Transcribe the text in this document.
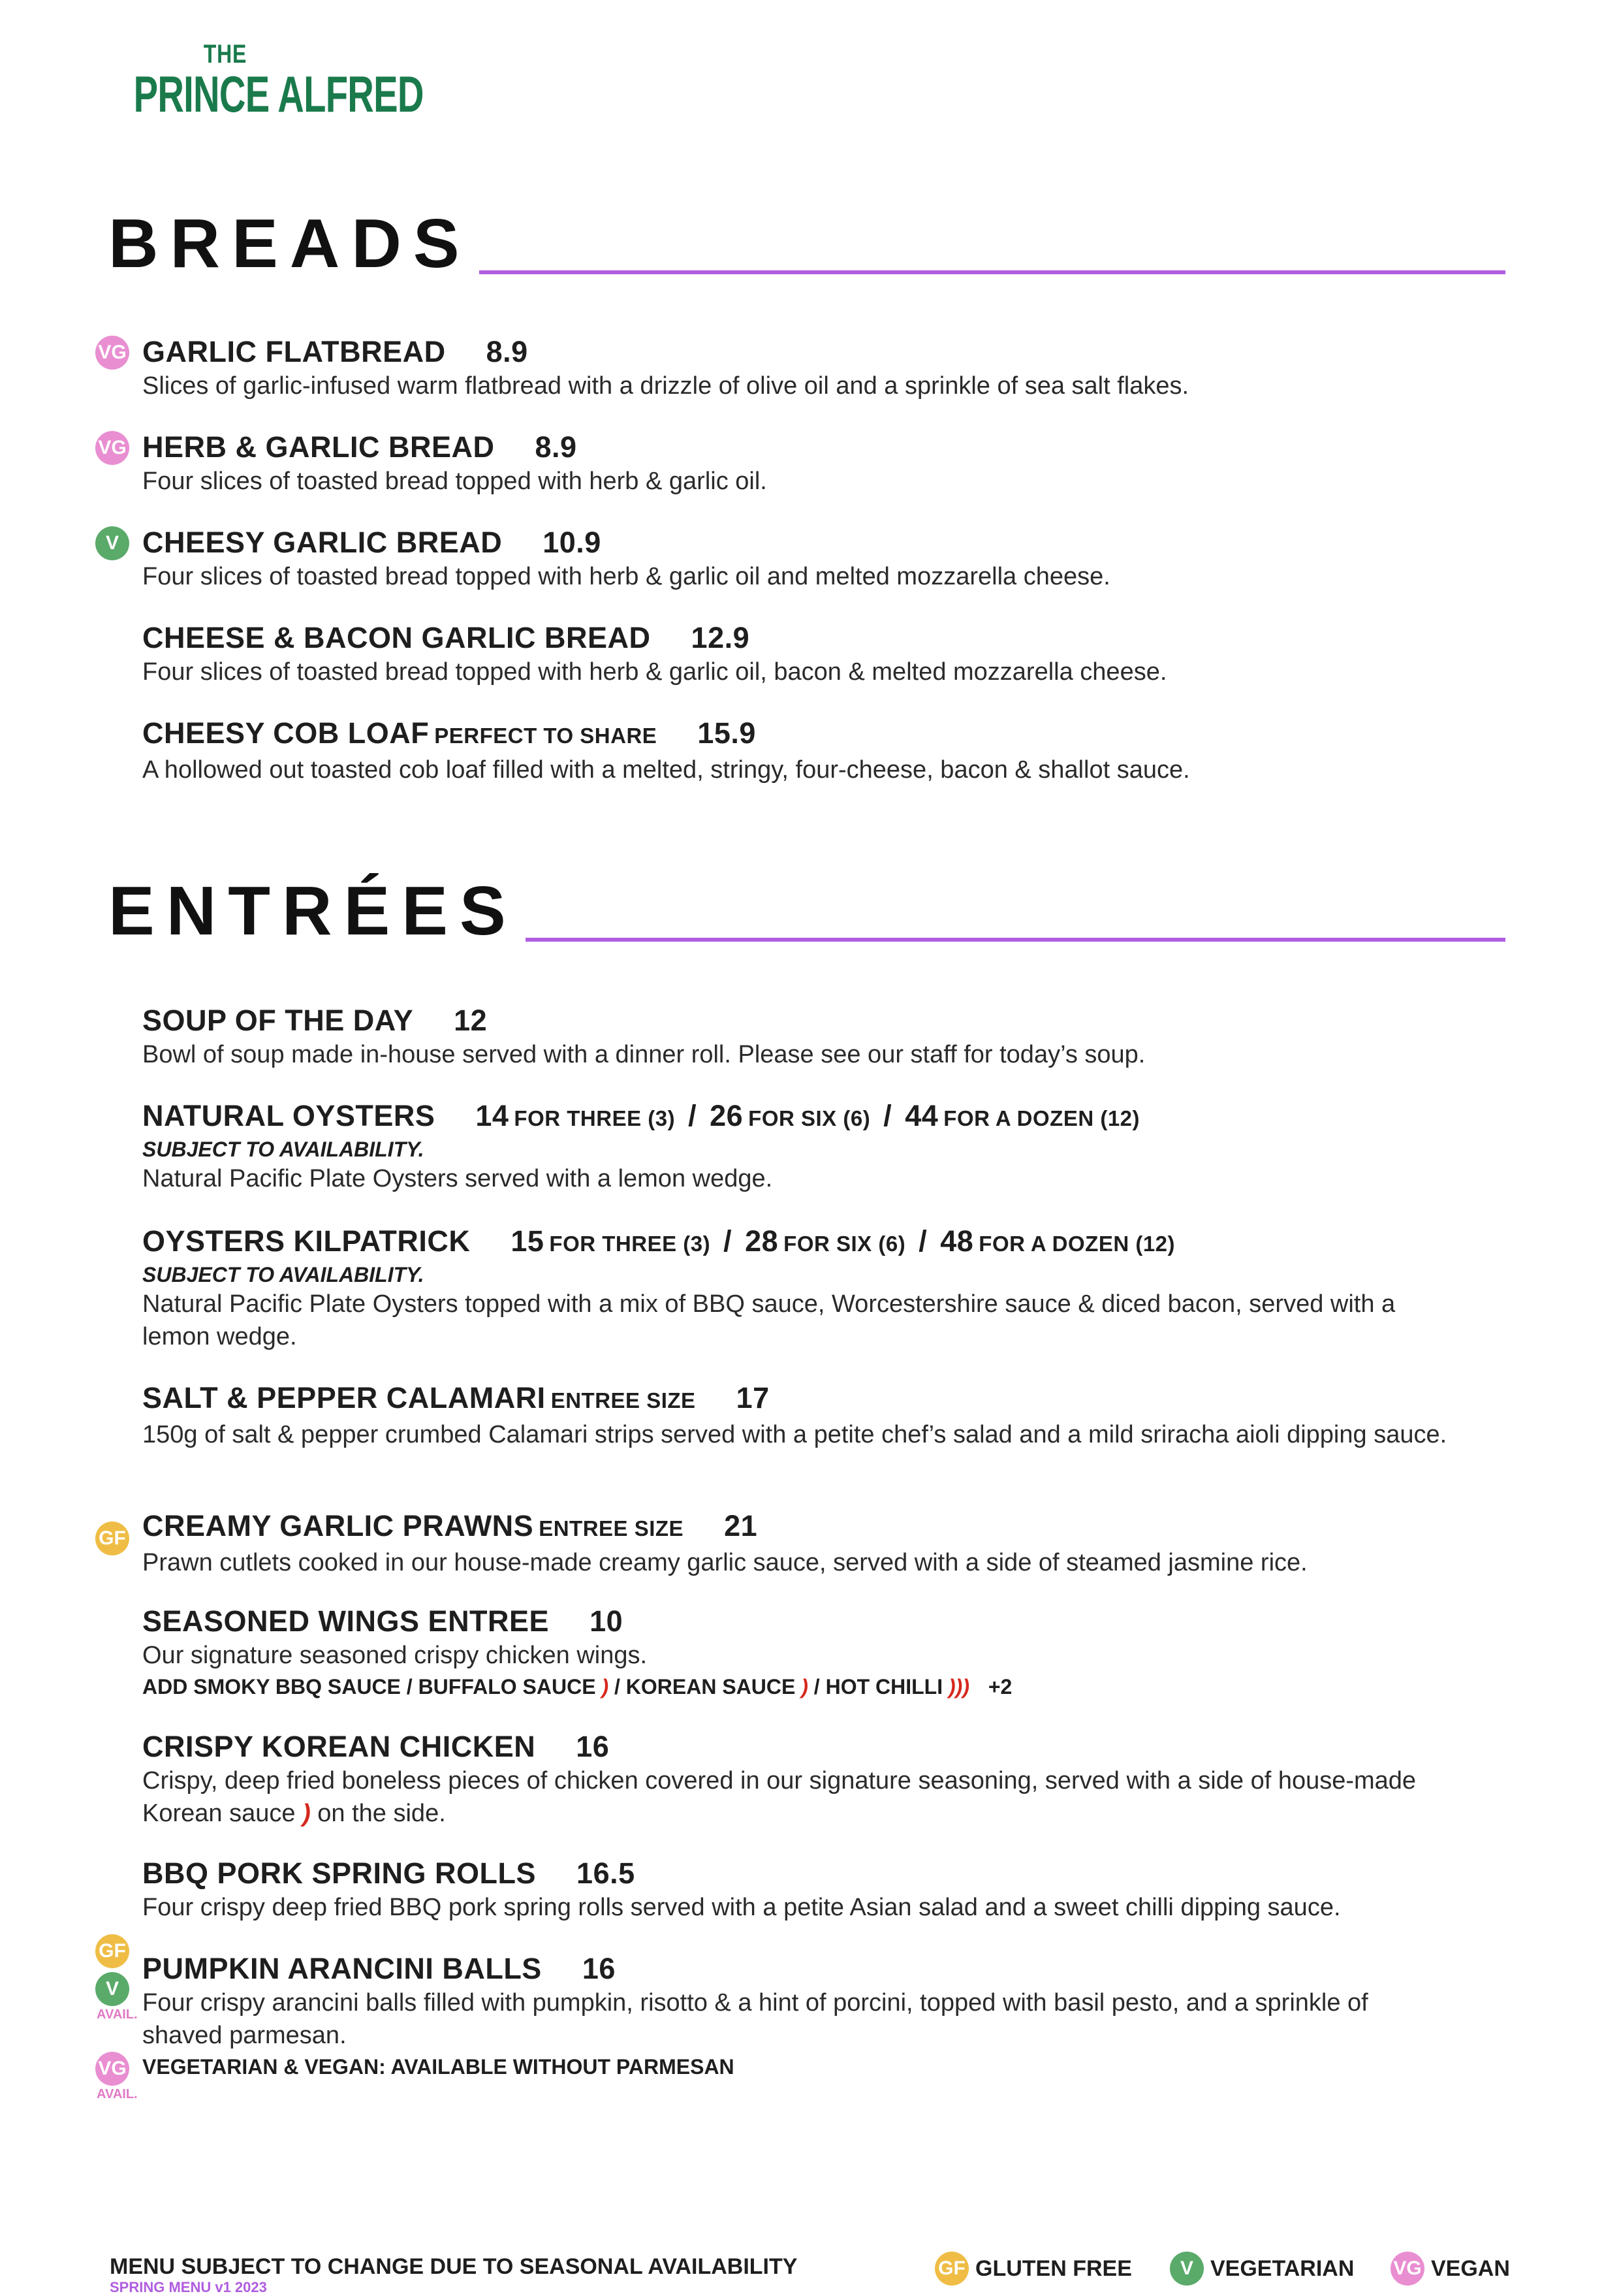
THE
PRINCE ALFRED
BREADS
VG GARLIC FLATBREAD 8.9
Slices of garlic-infused warm flatbread with a drizzle of olive oil and a sprinkle of sea salt flakes.
VG HERB & GARLIC BREAD 8.9
Four slices of toasted bread topped with herb & garlic oil.
V CHEESY GARLIC BREAD 10.9
Four slices of toasted bread topped with herb & garlic oil and melted mozzarella cheese.
CHEESE & BACON GARLIC BREAD 12.9
Four slices of toasted bread topped with herb & garlic oil, bacon & melted mozzarella cheese.
CHEESY COB LOAF PERFECT TO SHARE 15.9
A hollowed out toasted cob loaf filled with a melted, stringy, four-cheese, bacon & shallot sauce.
ENTRÉES
SOUP OF THE DAY 12
Bowl of soup made in-house served with a dinner roll. Please see our staff for today’s soup.
NATURAL OYSTERS 14 FOR THREE (3) / 26 FOR SIX (6) / 44 FOR A DOZEN (12)
SUBJECT TO AVAILABILITY.
Natural Pacific Plate Oysters served with a lemon wedge.
OYSTERS KILPATRICK 15 FOR THREE (3) / 28 FOR SIX (6) / 48 FOR A DOZEN (12)
SUBJECT TO AVAILABILITY.
Natural Pacific Plate Oysters topped with a mix of BBQ sauce, Worcestershire sauce & diced bacon, served with a lemon wedge.
SALT & PEPPER CALAMARI ENTREE SIZE 17
150g of salt & pepper crumbed Calamari strips served with a petite chef’s salad and a mild sriracha aioli dipping sauce.
GF CREAMY GARLIC PRAWNS ENTREE SIZE 21
Prawn cutlets cooked in our house-made creamy garlic sauce, served with a side of steamed jasmine rice.
SEASONED WINGS ENTREE 10
Our signature seasoned crispy chicken wings.
ADD SMOKY BBQ SAUCE / BUFFALO SAUCE ) / KOREAN SAUCE ) / HOT CHILLI ))) +2
CRISPY KOREAN CHICKEN 16
Crispy, deep fried boneless pieces of chicken covered in our signature seasoning, served with a side of house-made Korean sauce ) on the side.
BBQ PORK SPRING ROLLS 16.5
Four crispy deep fried BBQ pork spring rolls served with a petite Asian salad and a sweet chilli dipping sauce.
GF
V
AVAIL.
VG
AVAIL.
PUMPKIN ARANCINI BALLS 16
Four crispy arancini balls filled with pumpkin, risotto & a hint of porcini, topped with basil pesto, and a sprinkle of shaved parmesan.
VEGETARIAN & VEGAN: AVAILABLE WITHOUT PARMESAN
MENU SUBJECT TO CHANGE DUE TO SEASONAL AVAILABILITY
SPRING MENU v1 2023
GF GLUTEN FREE	V VEGETARIAN VG VEGAN
